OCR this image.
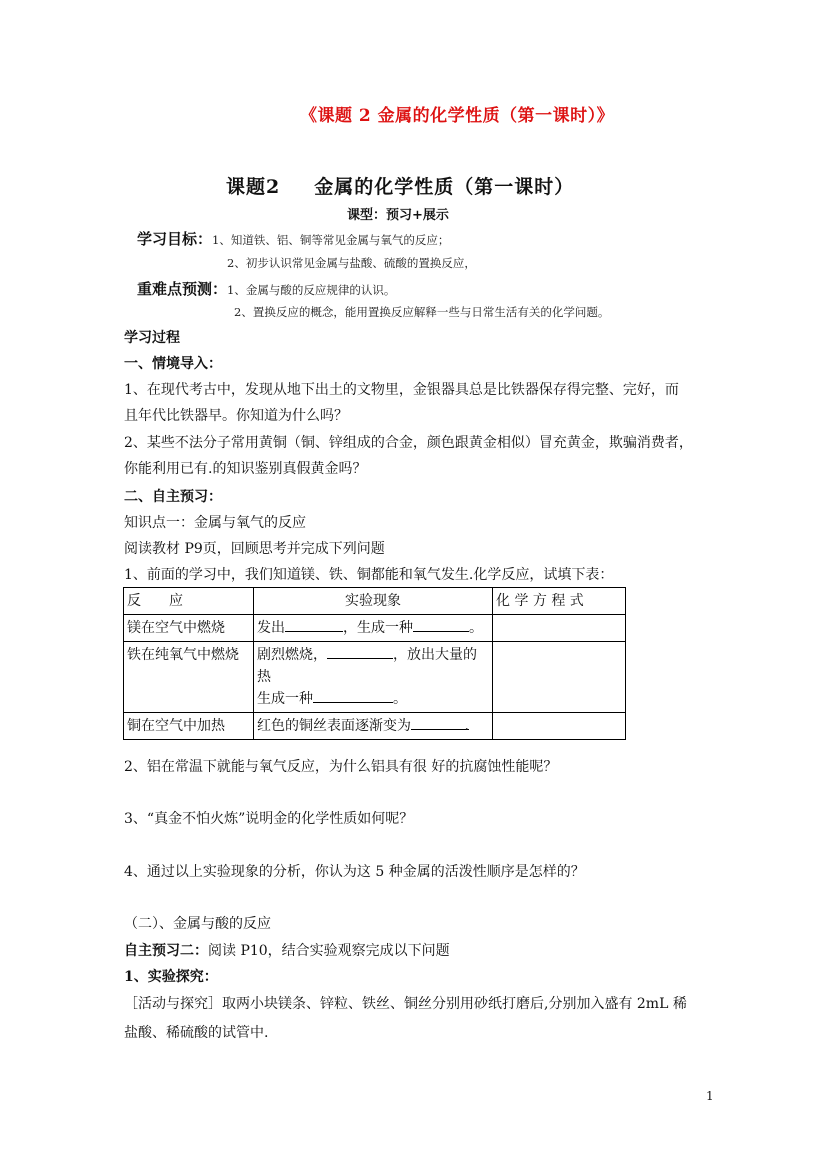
《课题 2 金属的化学性质（第一课时）》
课题2 金属的化学性质（第一课时）
课型：预习+展示
学习目标：1、知道铁、铝、铜等常见金属与氧气的反应；
2、初步认识常见金属与盐酸、硫酸的置换反应，
重难点预测：1、金属与酸的反应规律的认识。
2、置换反应的概念，能用置换反应解释一些与日常生活有关的化学问题。
学习过程
一、情境导入：
1、在现代考古中，发现从地下出土的文物里，金银器具总是比铁器保存得完整、完好，而
且年代比铁器早。你知道为什么吗？
2、某些不法分子常用黄铜（铜、锌组成的合金，颜色跟黄金相似）冒充黄金，欺骗消费者，
你能利用已有.的知识鉴别真假黄金吗？
二、自主预习：
知识点一：金属与氧气的反应
阅读教材 P9页，回顾思考并完成下列问题
1、前面的学习中，我们知道镁、铁、铜都能和氧气发生.化学反应，试填下表：
反　　应	实验现象	化 学 方 程 式
镁在空气中燃烧	发出 ，生成一种 。	
铁在纯氧气中燃烧	剧烈燃烧， ，放出大量的热
生成一种 。	
铜在空气中加热	红色的铜丝表面逐渐变为 .	
2、铝在常温下就能与氧气反应，为什么铝具有很 好的抗腐蚀性能呢？
3、“真金不怕火炼”说明金的化学性质如何呢？
4、通过以上实验现象的分析，你认为这 5 种金属的活泼性顺序是怎样的？
（二）、金属与酸的反应
自主预习二：阅读 P10，结合实验观察完成以下问题
1、实验探究：
［活动与探究］取两小块镁条、锌粒、铁丝、铜丝分别用砂纸打磨后,分别加入盛有 2mL 稀
盐酸、稀硫酸的试管中.
1
